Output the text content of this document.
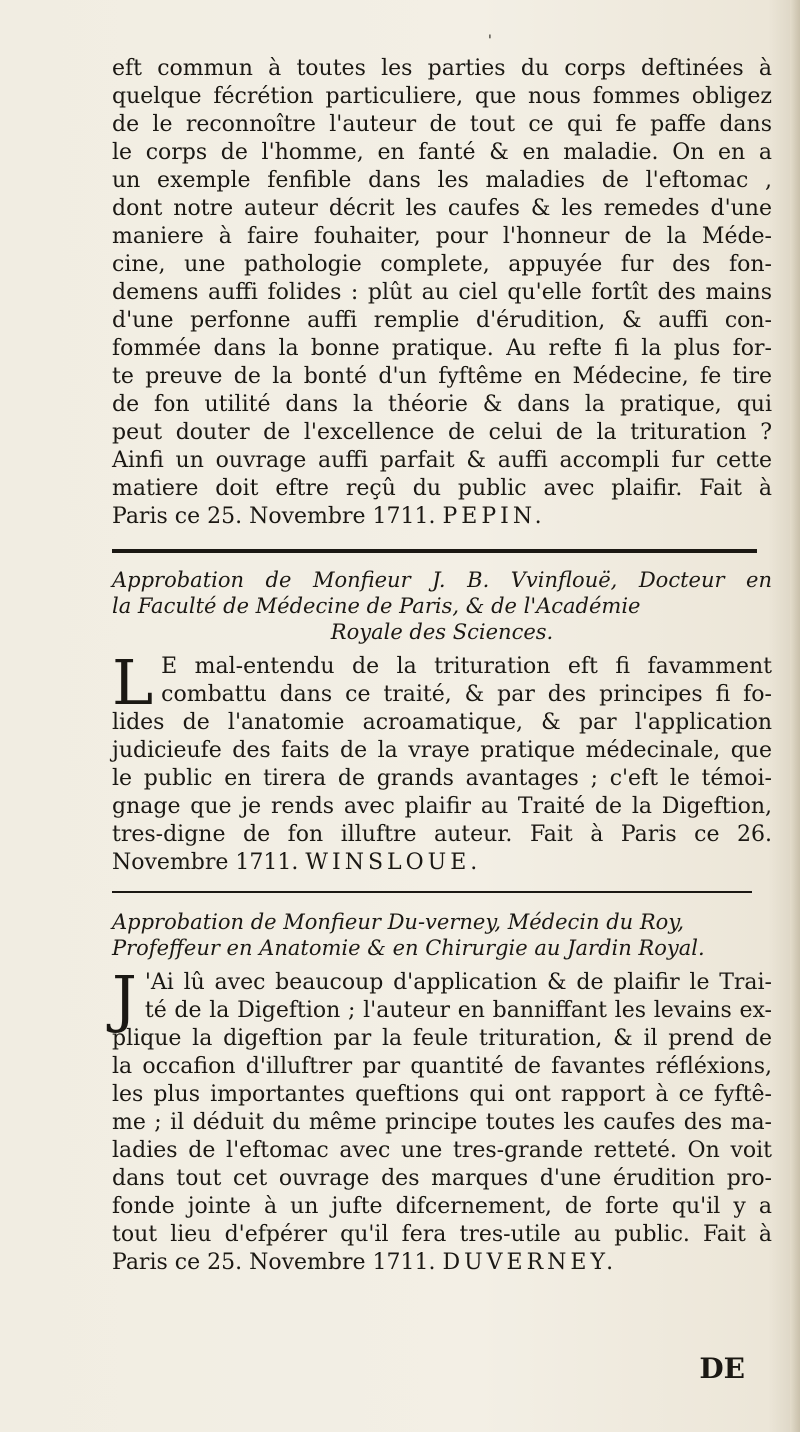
'
eft commun à toutes les parties du corps deftinées à
quelque fécrétion particuliere, que nous fommes obligez
de le reconnoître l'auteur de tout ce qui fe paffe dans
le corps de l'homme, en fanté & en maladie. On en a
un exemple fenfible dans les maladies de l'eftomac ,
dont notre auteur décrit les caufes & les remedes d'une
maniere à faire fouhaiter, pour l'honneur de la Méde-
cine, une pathologie complete, appuyée fur des fon-
demens auffi folides : plût au ciel qu'elle fortît des mains
d'une perfonne auffi remplie d'érudition, & auffi con-
fommée dans la bonne pratique. Au refte fi la plus for-
te preuve de la bonté d'un fyftême en Médecine, fe tire
de fon utilité dans la théorie & dans la pratique, qui
peut douter de l'excellence de celui de la trituration ?
Ainfi un ouvrage auffi parfait & auffi accompli fur cette
matiere doit eftre reçû du public avec plaifir. Fait à
Paris ce 25. Novembre 1711. PEPIN.
Approbation de Monfieur J. B. Vvinflouë, Docteur en
la Faculté de Médecine de Paris, & de l'Académie
Royale des Sciences.
L E mal-entendu de la trituration eft fi favamment
combattu dans ce traité, & par des principes fi fo-
lides de l'anatomie acroamatique, & par l'application
judicieufe des faits de la vraye pratique médecinale, que
le public en tirera de grands avantages ; c'eft le témoi-
gnage que je rends avec plaifir au Traité de la Digeftion,
tres-digne de fon illuftre auteur. Fait à Paris ce 26.
Novembre 1711. WINSLOUE.
Approbation de Monfieur Du-verney, Médecin du Roy,
Profeffeur en Anatomie & en Chirurgie au Jardin Royal.
J 'Ai lû avec beaucoup d'application & de plaifir le Trai-
té de la Digeftion ; l'auteur en banniffant les levains ex-
plique la digeftion par la feule trituration, & il prend de
la occafion d'illuftrer par quantité de favantes réfléxions,
les plus importantes queftions qui ont rapport à ce fyftê-
me ; il déduit du même principe toutes les caufes des ma-
ladies de l'eftomac avec une tres-grande retteté. On voit
dans tout cet ouvrage des marques d'une érudition pro-
fonde jointe à un jufte difcernement, de forte qu'il y a
tout lieu d'efpérer qu'il fera tres-utile au public. Fait à
Paris ce 25. Novembre 1711. DUVERNEY.
DE
